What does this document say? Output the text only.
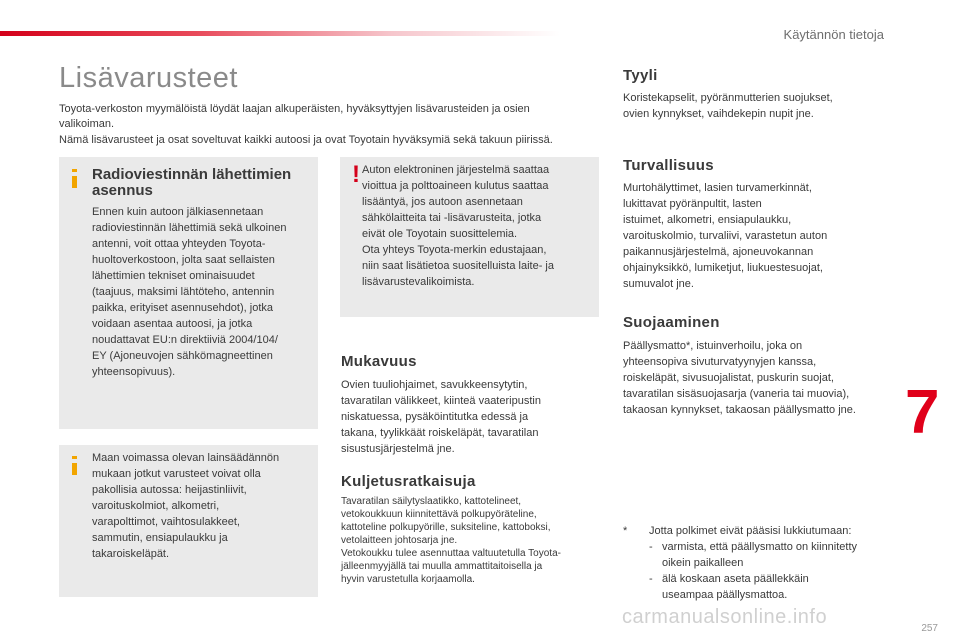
Käytännön tietoja
Lisävarusteet
Toyota-verkoston myymälöistä löydät laajan alkuperäisten, hyväksyttyjen lisävarusteiden ja osien
valikoiman.
Nämä lisävarusteet ja osat soveltuvat kaikki autoosi ja ovat Toyotain hyväksymiä sekä takuun piirissä.
Radioviestinnän lähettimien
asennus
Ennen kuin autoon jälkiasennetaan
radioviestinnän lähettimiä sekä ulkoinen
antenni, voit ottaa yhteyden Toyota-
huoltoverkostoon, jolta saat sellaisten
lähettimien tekniset ominaisuudet
(taajuus, maksimi lähtöteho, antennin
paikka, erityiset asennusehdot), jotka
voidaan asentaa autoosi, ja jotka
noudattavat EU:n direktiiviä 2004/104/
EY (Ajoneuvojen sähkömagneettinen
yhteensopivuus).
Maan voimassa olevan lainsäädännön
mukaan jotkut varusteet voivat olla
pakollisia autossa: heijastinliivit,
varoituskolmiot, alkometri,
varapolttimot, vaihtosulakkeet,
sammutin, ensiapulaukku ja
takaroiskeläpät.
! Auton elektroninen järjestelmä saattaa
vioittua ja polttoaineen kulutus saattaa
lisääntyä, jos autoon asennetaan
sähkölaitteita tai -lisävarusteita, jotka
eivät ole Toyotain suosittelemia.
Ota yhteys Toyota-merkin edustajaan,
niin saat lisätietoa suositelluista laite- ja
lisävarustevalikoimista.
Mukavuus
Ovien tuuliohjaimet, savukkeensytytin,
tavaratilan välikkeet, kiinteä vaateripustin
niskatuessa, pysäköintitutka edessä ja
takana, tyylikkäät roiskeläpät, tavaratilan
sisustusjärjestelmä jne.
Kuljetusratkaisuja
Tavaratilan säilytyslaatikko, kattotelineet,
vetokoukkuun kiinnitettävä polkupyöräteline,
kattoteline polkupyörille, suksiteline, kattoboksi,
vetolaitteen johtosarja jne.
Vetokoukku tulee asennuttaa valtuutetulla Toyota-
jälleenmyyjällä tai muulla ammattitaitoisella ja
hyvin varustetulla korjaamolla.
Tyyli
Koristekapselit, pyöränmutterien suojukset,
ovien kynnykset, vaihdekepin nupit jne.
Turvallisuus
Murtohälyttimet, lasien turvamerkinnät,
lukittavat pyöränpultit, lasten
istuimet, alkometri, ensiapulaukku,
varoituskolmio, turvaliivi, varastetun auton
paikannusjärjestelmä, ajoneuvokannan
ohjainyksikkö, lumiketjut, liukuestesuojat,
sumuvalot jne.
Suojaaminen
Päällysmatto*, istuinverhoilu, joka on
yhteensopiva sivuturvatyynyjen kanssa,
roiskeläpät, sivusuojalistat, puskurin suojat,
tavaratilan sisäsuojasarja (vaneria tai muovia),
takaosan kynnykset, takaosan päällysmatto jne.
* Jotta polkimet eivät pääsisi lukkiutumaan:
- varmista, että päällysmatto on kiinnitetty
oikein paikalleen
- älä koskaan aseta päällekkäin
useampaa päällysmattoa.
7
carmanualsonline.info
257
